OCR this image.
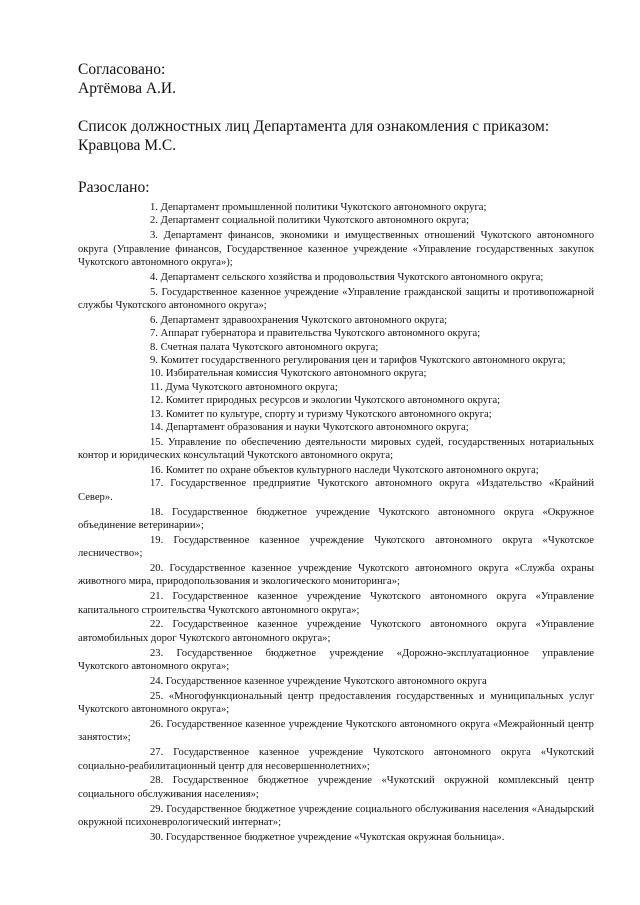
Согласовано:

Артёмова А.И.

Список должностных лиц Департамента для ознакомления с приказом:

Кравцова М.С.

Разослано:

1. Департамент промышленной политики Чукотского автономного округа;
2. Департамент социальной политики Чукотского автономного округа;
3. Департамент финансов, экономики и имущественных отношений Чукотского автономного округа (Управление финансов, Государственное казенное учреждение «Управление государственных закупок Чукотского автономного округа»);
4. Департамент сельского хозяйства и продовольствия Чукотского автономного округа;
5. Государственное казенное учреждение «Управление гражданской защиты и противопожарной службы Чукотского автономного округа»;
6. Департамент здравоохранения Чукотского автономного округа;
7. Аппарат губернатора и правительства Чукотского автономного округа;
8. Счетная палата Чукотского автономного округа;
9. Комитет государственного регулирования цен и тарифов Чукотского автономного округа;
10. Избирательная комиссия Чукотского автономного округа;
11. Дума Чукотского автономного округа;
12. Комитет природных ресурсов и экологии Чукотского автономного округа;
13. Комитет по культуре, спорту и туризму Чукотского автономного округа;
14. Департамент образования и науки Чукотского автономного округа;
15. Управление по обеспечению деятельности мировых судей, государственных нотариальных контор и юридических консультаций Чукотского автономного округа;
16. Комитет по охране объектов культурного наследи Чукотского автономного округа;
17. Государственное предприятие Чукотского автономного округа «Издательство «Крайний Север».
18. Государственное бюджетное учреждение Чукотского автономного округа «Окружное объединение ветеринарии»;
19. Государственное казенное учреждение Чукотского автономного округа «Чукотское лесничество»;
20. Государственное казенное учреждение Чукотского автономного округа «Служба охраны животного мира, природопользования и экологического мониторинга»;
21. Государственное казенное учреждение Чукотского автономного округа «Управление капитального строительства Чукотского автономного округа»;
22. Государственное казенное учреждение Чукотского автономного округа «Управление автомобильных дорог Чукотского автономного округа»;
23. Государственное бюджетное учреждение «Дорожно-эксплуатационное управление Чукотского автономного округа»;
24. Государственное казенное учреждение Чукотского автономного округа
25. «Многофункциональный центр предоставления государственных и муниципальных услуг Чукотского автономного округа»;
26. Государственное казенное учреждение Чукотского автономного округа «Межрайонный центр занятости»;
27. Государственное казенное учреждение Чукотского автономного округа «Чукотский социально-реабилитационный центр для несовершеннолетних»;
28. Государственное бюджетное учреждение «Чукотский окружной комплексный центр социального обслуживания населения»;
29. Государственное бюджетное учреждение социального обслуживания населения «Анадырский окружной психоневрологический интернат»;
30. Государственное бюджетное учреждение «Чукотская окружная больница».
